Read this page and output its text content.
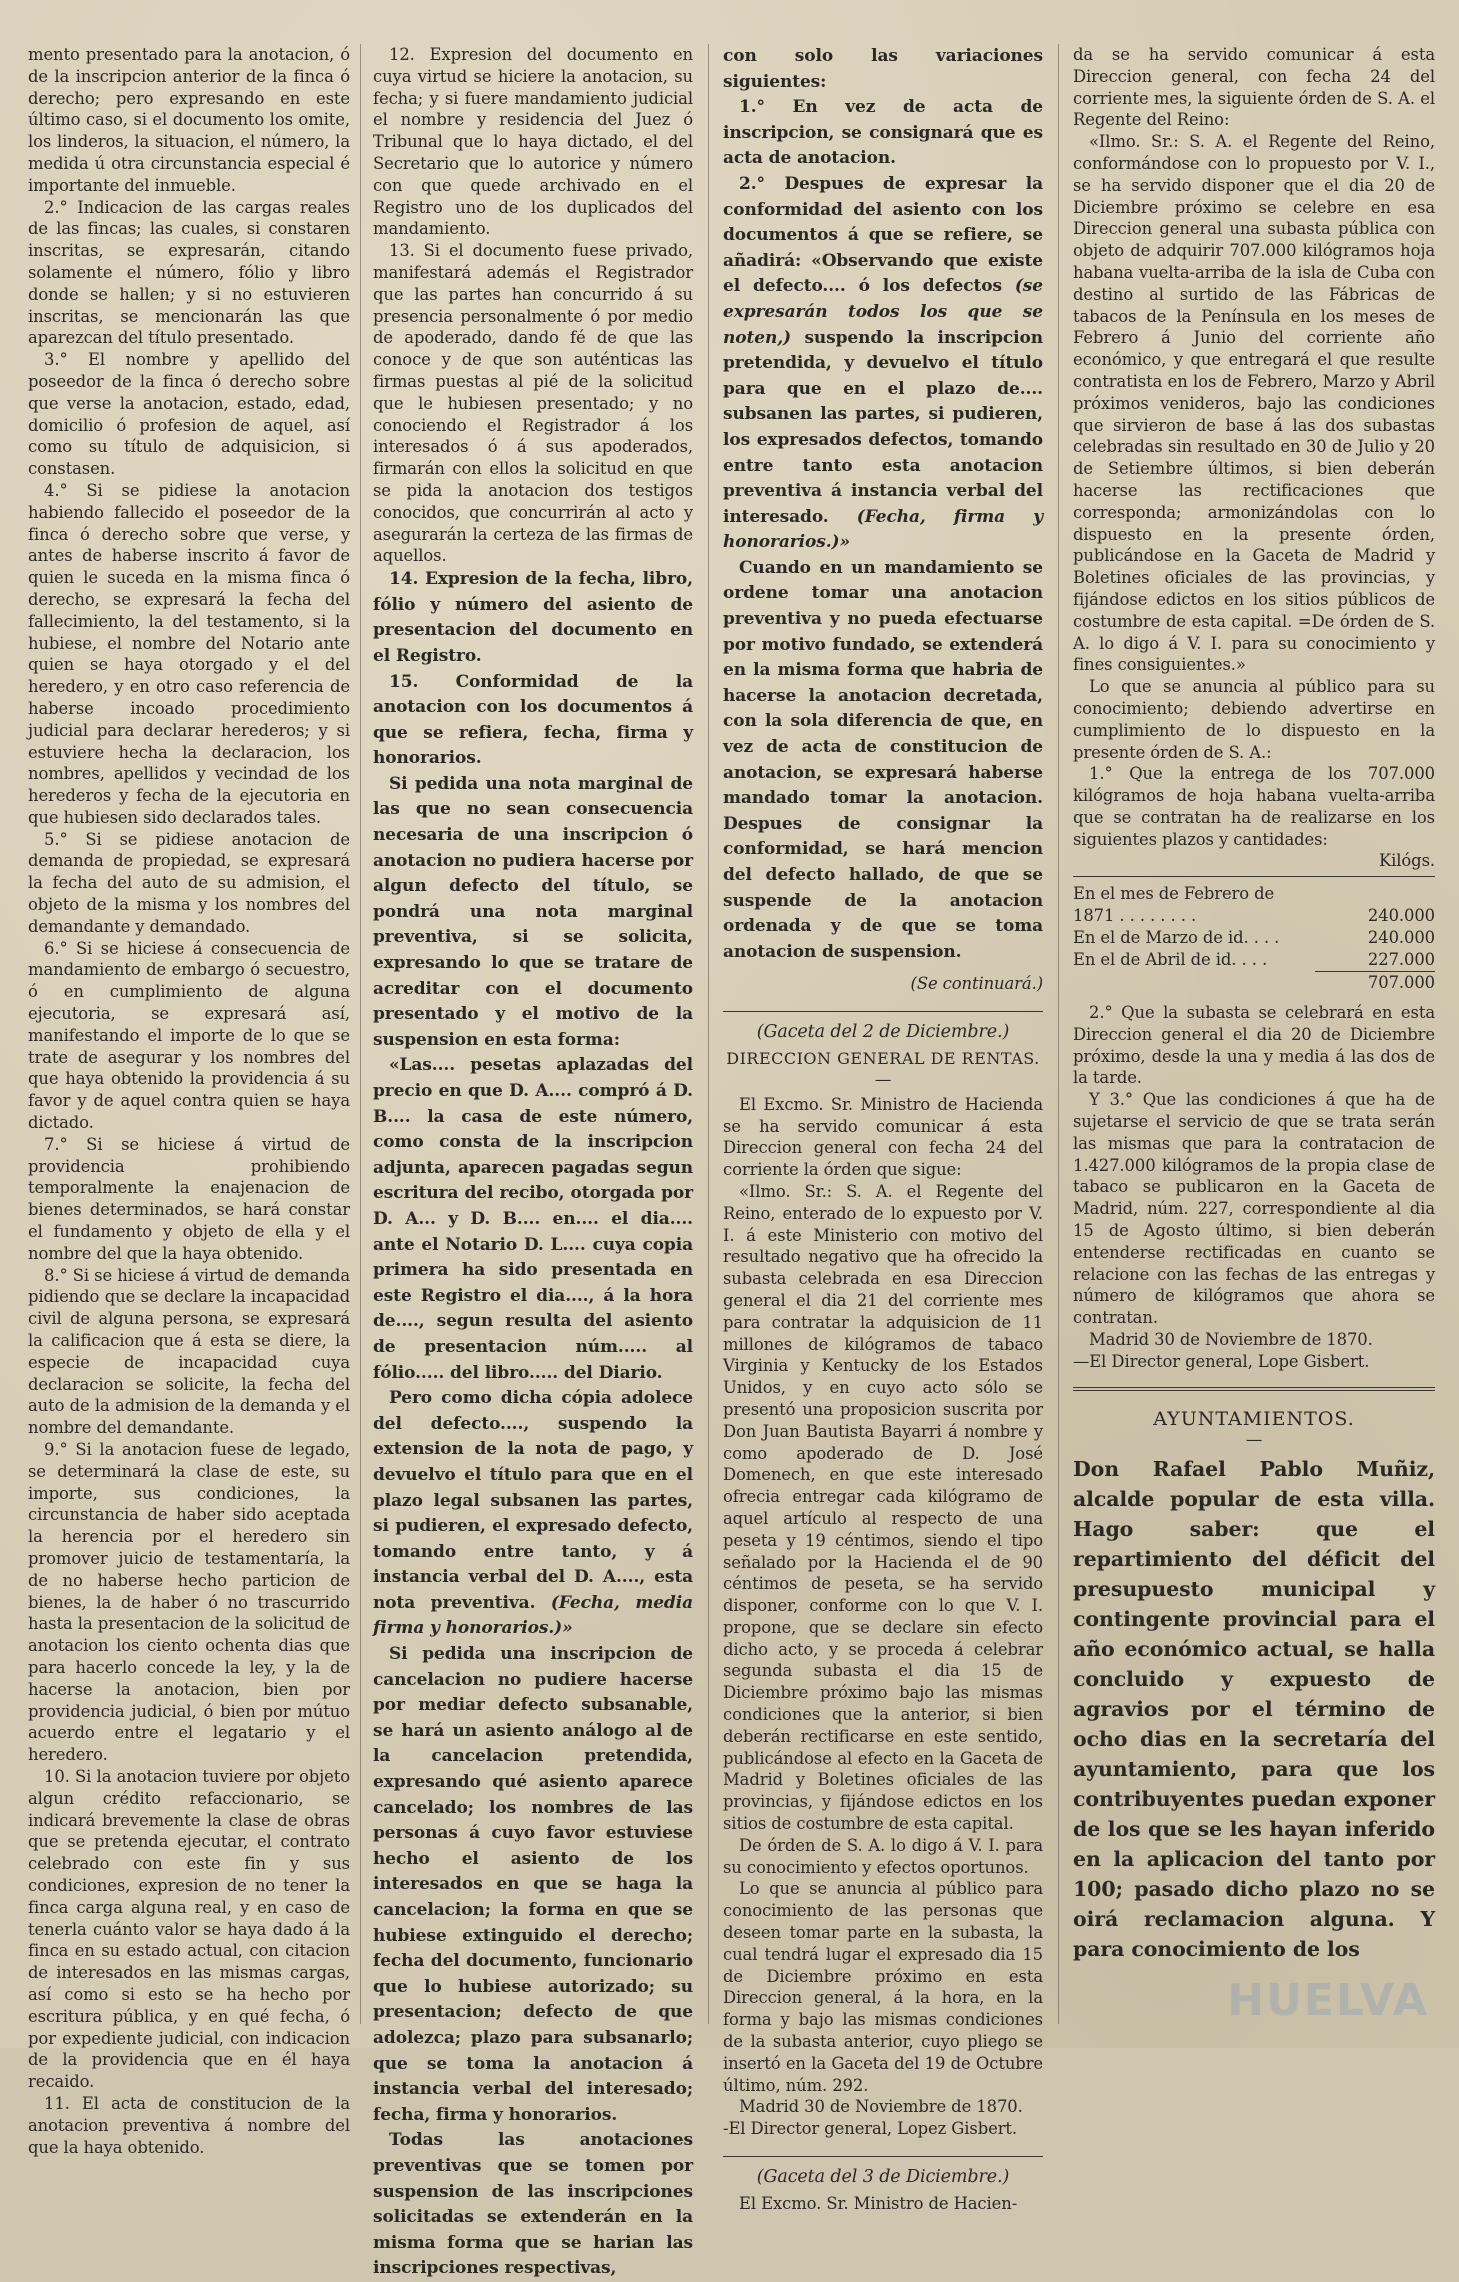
mento presentado para la anotacion, ó de la inscripcion anterior de la finca ó derecho; pero expresando en este último caso, si el documento los omite, los linderos, la situacion, el número, la medida ú otra circunstancia especial é importante del inmueble.

2.° Indicacion de las cargas reales de las fincas; las cuales, si constaren inscritas, se expresarán, citando solamente el número, fólio y libro donde se hallen; y si no estuvieren inscritas, se mencionarán las que aparezcan del título presentado.

3.° El nombre y apellido del poseedor de la finca ó derecho sobre que verse la anotacion, estado, edad, domicilio ó profesion de aquel, así como su título de adquisicion, si constasen.

4.° Si se pidiese la anotacion habiendo fallecido el poseedor de la finca ó derecho sobre que verse, y antes de haberse inscrito á favor de quien le suceda en la misma finca ó derecho, se expresará la fecha del fallecimiento, la del testamento, si la hubiese, el nombre del Notario ante quien se haya otorgado y el del heredero, y en otro caso referencia de haberse incoado procedimiento judicial para declarar herederos; y si estuviere hecha la declaracion, los nombres, apellidos y vecindad de los herederos y fecha de la ejecutoria en que hubiesen sido declarados tales.

5.° Si se pidiese anotacion de demanda de propiedad, se expresará la fecha del auto de su admision, el objeto de la misma y los nombres del demandante y demandado.

6.° Si se hiciese á consecuencia de mandamiento de embargo ó secuestro, ó en cumplimiento de alguna ejecutoria, se expresará así, manifestando el importe de lo que se trate de asegurar y los nombres del que haya obtenido la providencia á su favor y de aquel contra quien se haya dictado.

7.° Si se hiciese á virtud de providencia prohibiendo temporalmente la enajenacion de bienes determinados, se hará constar el fundamento y objeto de ella y el nombre del que la haya obtenido.

8.° Si se hiciese á virtud de demanda pidiendo que se declare la incapacidad civil de alguna persona, se expresará la calificacion que á esta se diere, la especie de incapacidad cuya declaracion se solicite, la fecha del auto de la admision de la demanda y el nombre del demandante.

9.° Si la anotacion fuese de legado, se determinará la clase de este, su importe, sus condiciones, la circunstancia de haber sido aceptada la herencia por el heredero sin promover juicio de testamentaría, la de no haberse hecho particion de bienes, la de haber ó no trascurrido hasta la presentacion de la solicitud de anotacion los ciento ochenta dias que para hacerlo concede la ley, y la de hacerse la anotacion, bien por providencia judicial, ó bien por mútuo acuerdo entre el legatario y el heredero.

10. Si la anotacion tuviere por objeto algun crédito refaccionario, se indicará brevemente la clase de obras que se pretenda ejecutar, el contrato celebrado con este fin y sus condiciones, expresion de no tener la finca carga alguna real, y en caso de tenerla cuánto valor se haya dado á la finca en su estado actual, con citacion de interesados en las mismas cargas, así como si esto se ha hecho por escritura pública, y en qué fecha, ó por expediente judicial, con indicacion de la providencia que en él haya recaido.

11. El acta de constitucion de la anotacion preventiva á nombre del que la haya obtenido.

12. Expresion del documento en cuya virtud se hiciere la anotacion, su fecha; y si fuere mandamiento judicial el nombre y residencia del Juez ó Tribunal que lo haya dictado, el del Secretario que lo autorice y número con que quede archivado en el Registro uno de los duplicados del mandamiento.

13. Si el documento fuese privado, manifestará además el Registrador que las partes han concurrido á su presencia personalmente ó por medio de apoderado, dando fé de que las conoce y de que son auténticas las firmas puestas al pié de la solicitud que le hubiesen presentado; y no conociendo el Registrador á los interesados ó á sus apoderados, firmarán con ellos la solicitud en que se pida la anotacion dos testigos conocidos, que concurrirán al acto y asegurarán la certeza de las firmas de aquellos.

14. Expresion de la fecha, libro, fólio y número del asiento de presentacion del documento en el Registro.

15. Conformidad de la anotacion con los documentos á que se refiera, fecha, firma y honorarios.

Si pedida una nota marginal de las que no sean consecuencia necesaria de una inscripcion ó anotacion no pudiera hacerse por algun defecto del título, se pondrá una nota marginal preventiva, si se solicita, expresando lo que se tratare de acreditar con el documento presentado y el motivo de la suspension en esta forma:

«Las.... pesetas aplazadas del precio en que D. A.... compró á D. B.... la casa de este número, como consta de la inscripcion adjunta, aparecen pagadas segun escritura del recibo, otorgada por D. A... y D. B.... en.... el dia.... ante el Notario D. L.... cuya copia primera ha sido presentada en este Registro el dia...., á la hora de...., segun resulta del asiento de presentacion núm..... al fólio..... del libro..... del Diario.

Pero como dicha cópia adolece del defecto...., suspendo la extension de la nota de pago, y devuelvo el título para que en el plazo legal subsanen las partes, si pudieren, el expresado defecto, tomando entre tanto, y á instancia verbal del D. A...., esta nota preventiva. (Fecha, media firma y honorarios.)»

Si pedida una inscripcion de cancelacion no pudiere hacerse por mediar defecto subsanable, se hará un asiento análogo al de la cancelacion pretendida, expresando qué asiento aparece cancelado; los nombres de las personas á cuyo favor estuviese hecho el asiento de los interesados en que se haga la cancelacion; la forma en que se hubiese extinguido el derecho; fecha del documento, funcionario que lo hubiese autorizado; su presentacion; defecto de que adolezca; plazo para subsanarlo; que se toma la anotacion á instancia verbal del interesado; fecha, firma y honorarios.

Todas las anotaciones preventivas que se tomen por suspension de las inscripciones solicitadas se extenderán en la misma forma que se harian las inscripciones respectivas,

con solo las variaciones siguientes:

1.° En vez de acta de inscripcion, se consignará que es acta de anotacion.

2.° Despues de expresar la conformidad del asiento con los documentos á que se refiere, se añadirá: «Observando que existe el defecto.... ó los defectos (se expresarán todos los que se noten,) suspendo la inscripcion pretendida, y devuelvo el título para que en el plazo de.... subsanen las partes, si pudieren, los expresados defectos, tomando entre tanto esta anotacion preventiva á instancia verbal del interesado. (Fecha, firma y honorarios.)»

Cuando en un mandamiento se ordene tomar una anotacion preventiva y no pueda efectuarse por motivo fundado, se extenderá en la misma forma que habria de hacerse la anotacion decretada, con la sola diferencia de que, en vez de acta de constitucion de anotacion, se expresará haberse mandado tomar la anotacion. Despues de consignar la conformidad, se hará mencion del defecto hallado, de que se suspende de la anotacion ordenada y de que se toma anotacion de suspension.

(Se continuará.)

(Gaceta del 2 de Diciembre.)

DIRECCION GENERAL DE RENTAS.

—

El Excmo. Sr. Ministro de Hacienda se ha servido comunicar á esta Direccion general con fecha 24 del corriente la órden que sigue:

«Ilmo. Sr.: S. A. el Regente del Reino, enterado de lo expuesto por V. I. á este Ministerio con motivo del resultado negativo que ha ofrecido la subasta celebrada en esa Direccion general el dia 21 del corriente mes para contratar la adquisicion de 11 millones de kilógramos de tabaco Virginia y Kentucky de los Estados Unidos, y en cuyo acto sólo se presentó una proposicion suscrita por Don Juan Bautista Bayarri á nombre y como apoderado de D. José Domenech, en que este interesado ofrecia entregar cada kilógramo de aquel artículo al respecto de una peseta y 19 céntimos, siendo el tipo señalado por la Hacienda el de 90 céntimos de peseta, se ha servido disponer, conforme con lo que V. I. propone, que se declare sin efecto dicho acto, y se proceda á celebrar segunda subasta el dia 15 de Diciembre próximo bajo las mismas condiciones que la anterior, si bien deberán rectificarse en este sentido, publicándose al efecto en la Gaceta de Madrid y Boletines oficiales de las provincias, y fijándose edictos en los sitios de costumbre de esta capital.

De órden de S. A. lo digo á V. I. para su conocimiento y efectos oportunos.

Lo que se anuncia al público para conocimiento de las personas que deseen tomar parte en la subasta, la cual tendrá lugar el expresado dia 15 de Diciembre próximo en esta Direccion general, á la hora, en la forma y bajo las mismas condiciones de la subasta anterior, cuyo pliego se insertó en la Gaceta del 19 de Octubre último, núm. 292.

Madrid 30 de Noviembre de 1870.

-El Director general, Lopez Gisbert.

(Gaceta del 3 de Diciembre.)

El Excmo. Sr. Ministro de Hacien-

da se ha servido comunicar á esta Direccion general, con fecha 24 del corriente mes, la siguiente órden de S. A. el Regente del Reino:

«Ilmo. Sr.: S. A. el Regente del Reino, conformándose con lo propuesto por V. I., se ha servido disponer que el dia 20 de Diciembre próximo se celebre en esa Direccion general una subasta pública con objeto de adquirir 707.000 kilógramos hoja habana vuelta-arriba de la isla de Cuba con destino al surtido de las Fábricas de tabacos de la Península en los meses de Febrero á Junio del corriente año económico, y que entregará el que resulte contratista en los de Febrero, Marzo y Abril próximos venideros, bajo las condiciones que sirvieron de base á las dos subastas celebradas sin resultado en 30 de Julio y 20 de Setiembre últimos, si bien deberán hacerse las rectificaciones que corresponda; armonizándolas con lo dispuesto en la presente órden, publicándose en la Gaceta de Madrid y Boletines oficiales de las provincias, y fijándose edictos en los sitios públicos de costumbre de esta capital. =De órden de S. A. lo digo á V. I. para su conocimiento y fines consiguientes.»

Lo que se anuncia al público para su conocimiento; debiendo advertirse en cumplimiento de lo dispuesto en la presente órden de S. A.:

1.° Que la entrega de los 707.000 kilógramos de hoja habana vuelta-arriba que se contratan ha de realizarse en los siguientes plazos y cantidades:

Kilógs.

En el mes de Febrero de	
1871 . . . . . . . .	240.000
En el de Marzo de id. . . .	240.000
En el de Abril de id. . . .	227.000
707.000

2.° Que la subasta se celebrará en esta Direccion general el dia 20 de Diciembre próximo, desde la una y media á las dos de la tarde.

Y 3.° Que las condiciones á que ha de sujetarse el servicio de que se trata serán las mismas que para la contratacion de 1.427.000 kilógramos de la propia clase de tabaco se publicaron en la Gaceta de Madrid, núm. 227, correspondiente al dia 15 de Agosto último, si bien deberán entenderse rectificadas en cuanto se relacione con las fechas de las entregas y número de kilógramos que ahora se contratan.

Madrid 30 de Noviembre de 1870.

—El Director general, Lope Gisbert.

AYUNTAMIENTOS.

—

Don Rafael Pablo Muñiz, alcalde popular de esta villa. Hago saber: que el repartimiento del déficit del presupuesto municipal y contingente provincial para el año económico actual, se halla concluido y expuesto de agravios por el término de ocho dias en la secretaría del ayuntamiento, para que los contribuyentes puedan exponer de los que se les hayan inferido en la aplicacion del tanto por 100; pasado dicho plazo no se oirá reclamacion alguna. Y para conocimiento de los

HUELVA
